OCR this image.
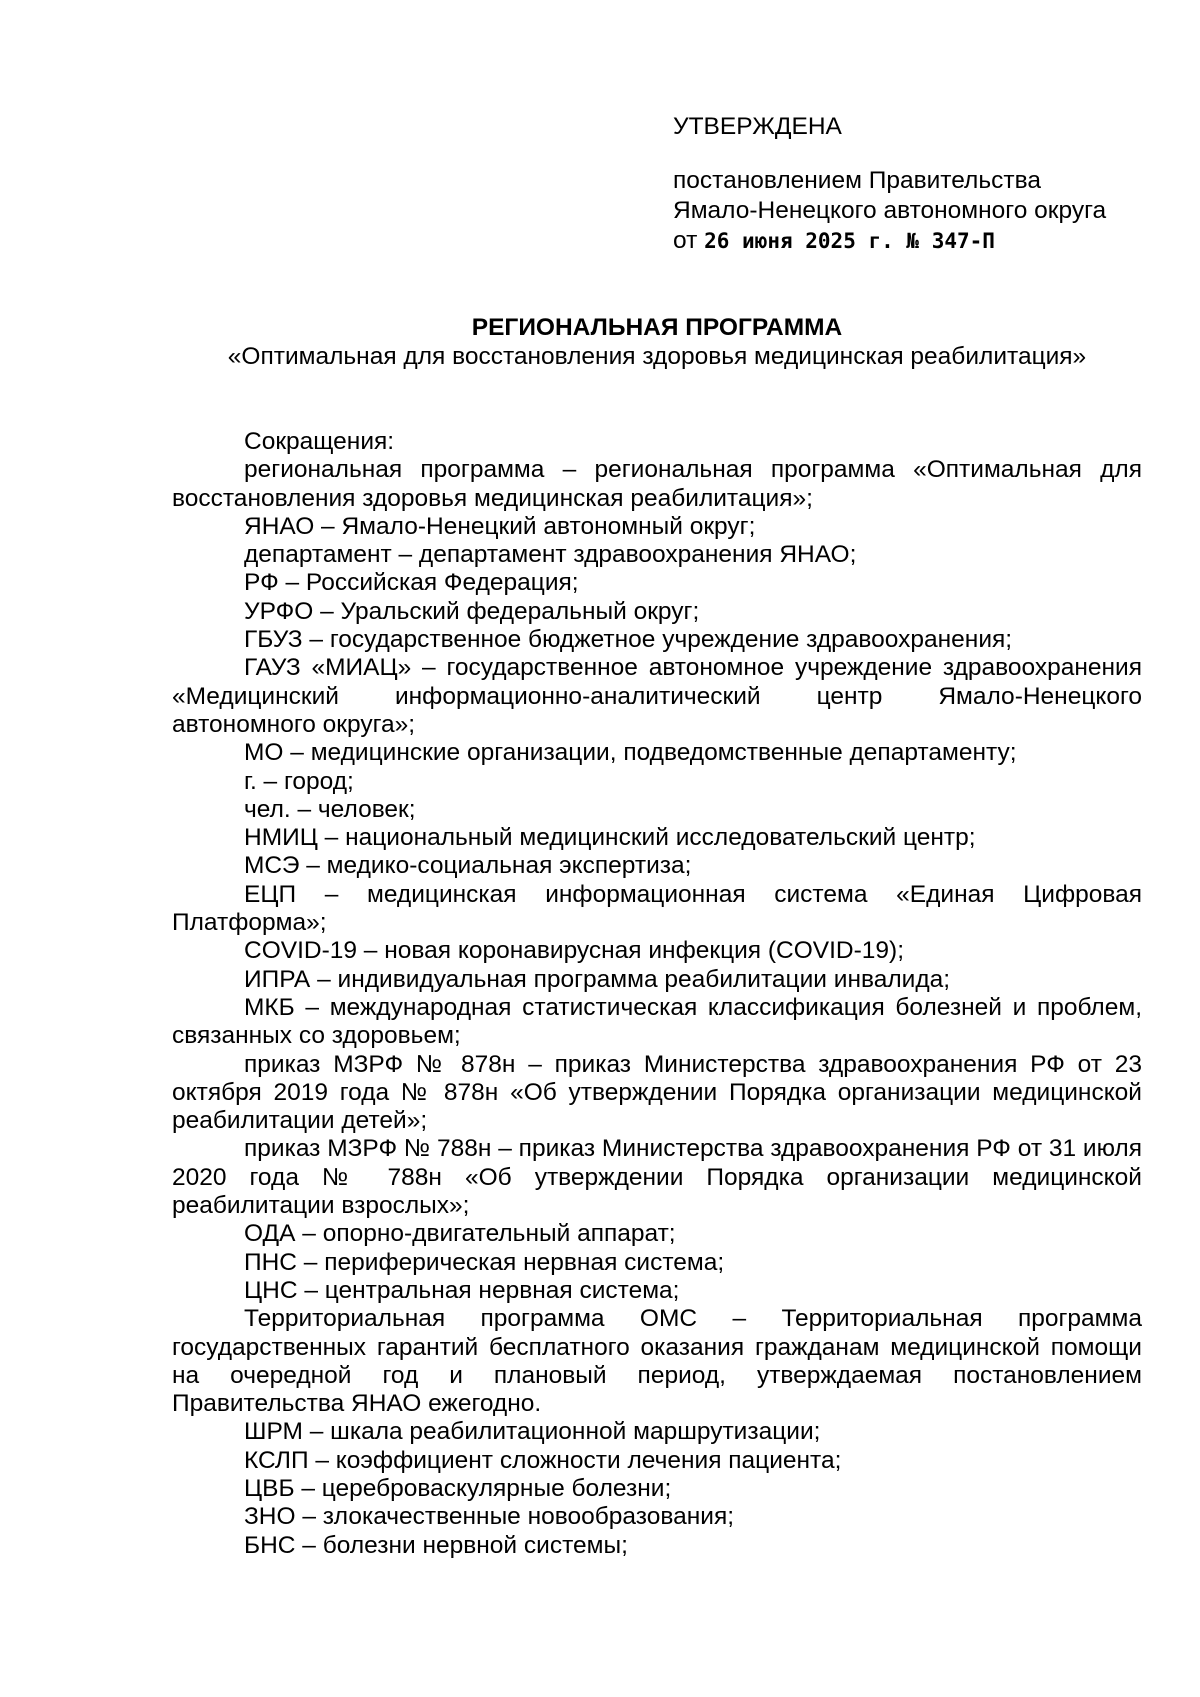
УТВЕРЖДЕНА
постановлением Правительства
Ямало-Ненецкого автономного округа
от 26 июня 2025 г. № 347-П
РЕГИОНАЛЬНАЯ ПРОГРАММА
«Оптимальная для восстановления здоровья медицинская реабилитация»

Сокращения:

региональная программа – региональная программа «Оптимальная для восстановления здоровья медицинская реабилитация»;

ЯНАО – Ямало-Ненецкий автономный округ;

департамент – департамент здравоохранения ЯНАО;

РФ – Российская Федерация;

УРФО – Уральский федеральный округ;

ГБУЗ – государственное бюджетное учреждение здравоохранения;

ГАУЗ «МИАЦ» – государственное автономное учреждение здравоохранения «Медицинский информационно-аналитический центр Ямало-Ненецкого автономного округа»;

МО – медицинские организации, подведомственные департаменту;

г. – город;

чел. – человек;

НМИЦ – национальный медицинский исследовательский центр;

МСЭ – медико-социальная экспертиза;

ЕЦП – медицинская информационная система «Единая Цифровая Платформа»;

COVID-19 – новая коронавирусная инфекция (COVID-19);

ИПРА – индивидуальная программа реабилитации инвалида;

МКБ – международная статистическая классификация болезней и проблем, связанных со здоровьем;

приказ МЗРФ № 878н – приказ Министерства здравоохранения РФ от 23 октября 2019 года № 878н «Об утверждении Порядка организации медицинской реабилитации детей»;

приказ МЗРФ № 788н – приказ Министерства здравоохранения РФ от 31 июля 2020 года № 788н «Об утверждении Порядка организации медицинской реабилитации взрослых»;

ОДА – опорно-двигательный аппарат;

ПНС – периферическая нервная система;

ЦНС – центральная нервная система;

Территориальная программа ОМС – Территориальная программа государственных гарантий бесплатного оказания гражданам медицинской помощи на очередной год и плановый период, утверждаемая постановлением Правительства ЯНАО ежегодно.

ШРМ – шкала реабилитационной маршрутизации;

КСЛП – коэффициент сложности лечения пациента;

ЦВБ – цереброваскулярные болезни;

ЗНО – злокачественные новообразования;

БНС – болезни нервной системы;
